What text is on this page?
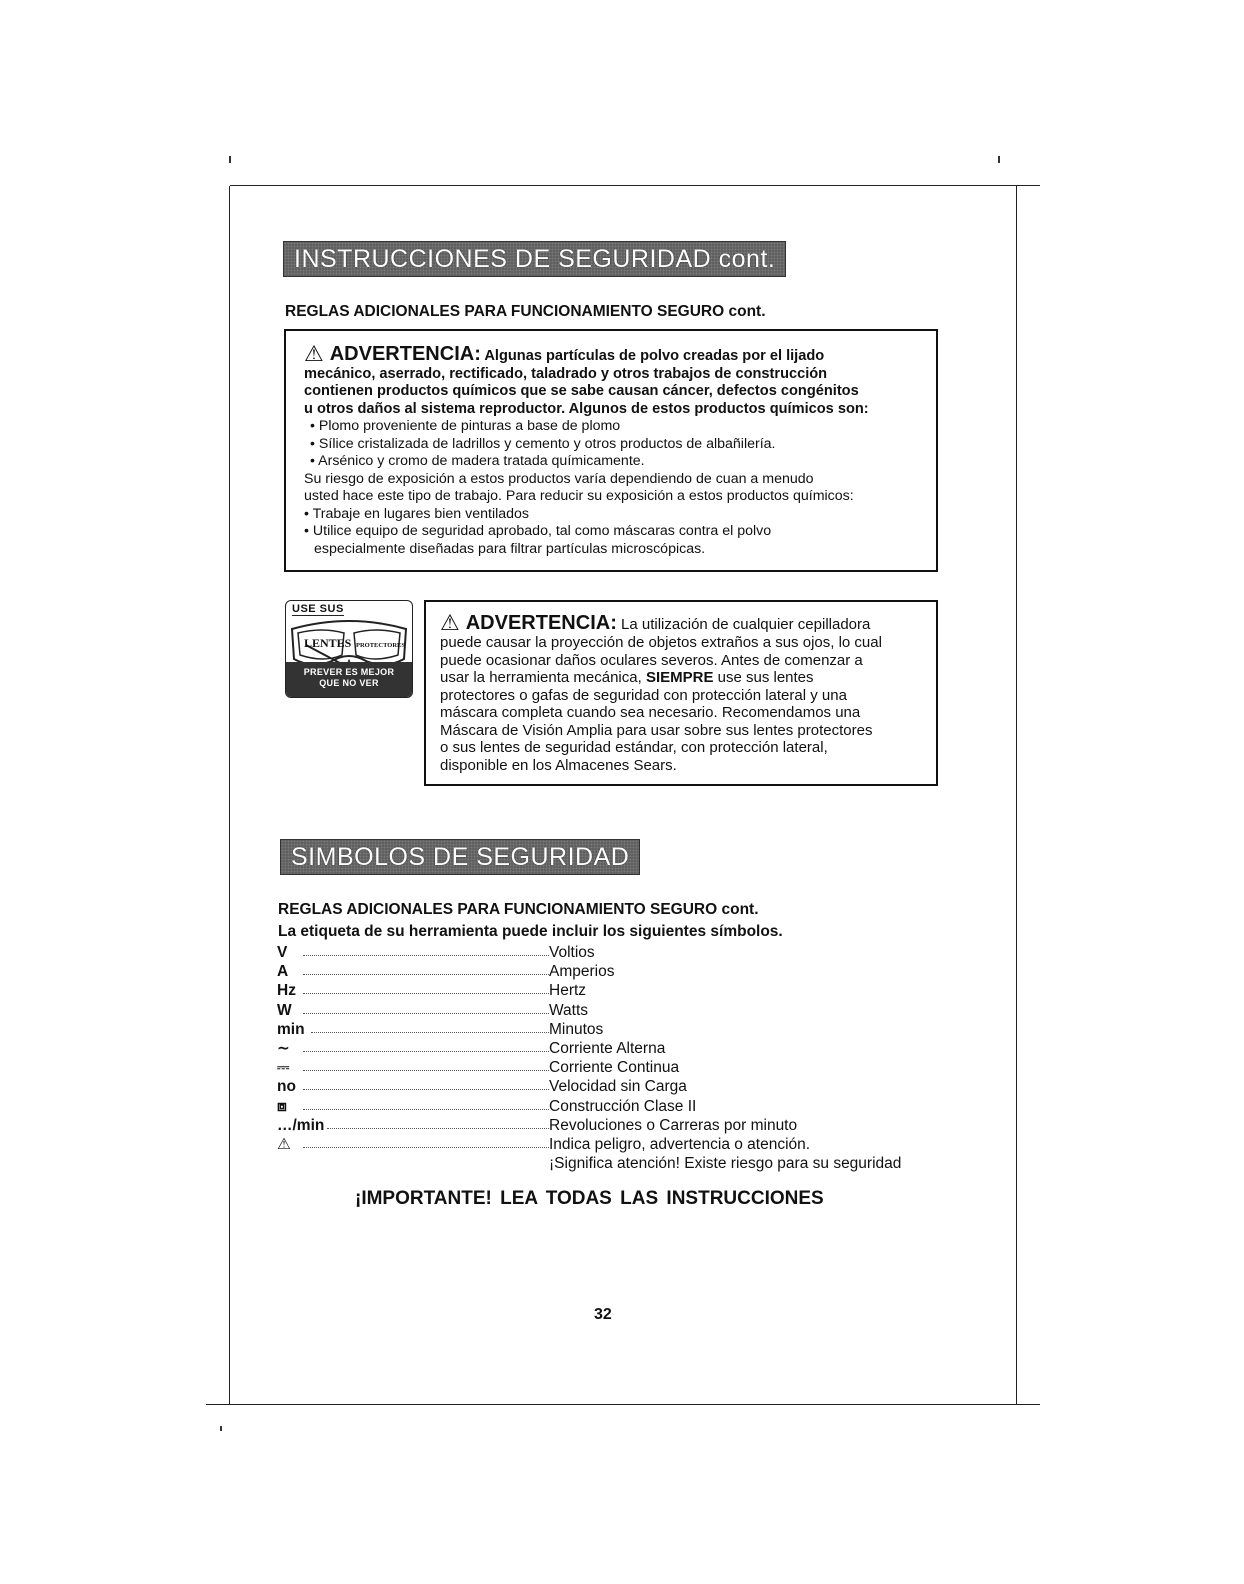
INSTRUCCIONES DE SEGURIDAD cont.
REGLAS ADICIONALES PARA FUNCIONAMIENTO SEGURO cont.
⚠ ADVERTENCIA: Algunas partículas de polvo creadas por el lijado
mecánico, aserrado, rectificado, taladrado y otros trabajos de construcción
contienen productos químicos que se sabe causan cáncer, defectos congénitos
u otros daños al sistema reproductor. Algunos de estos productos químicos son:
• Plomo proveniente de pinturas a base de plomo
• Sílice cristalizada de ladrillos y cemento y otros productos de albañilería.
• Arsénico y cromo de madera tratada químicamente.
Su riesgo de exposición a estos productos varía dependiendo de cuan a menudo
usted hace este tipo de trabajo. Para reducir su exposición a estos productos químicos:
• Trabaje en lugares bien ventilados
• Utilice equipo de seguridad aprobado, tal como máscaras contra el polvo
especialmente diseñadas para filtrar partículas microscópicas.
USE SUS
LENTES PROTECTORES
PREVER ES MEJOR
QUE NO VER
⚠ ADVERTENCIA: La utilización de cualquier cepilladora
puede causar la proyección de objetos extraños a sus ojos, lo cual
puede ocasionar daños oculares severos. Antes de comenzar a
usar la herramienta mecánica, SIEMPRE use sus lentes
protectores o gafas de seguridad con protección lateral y una
máscara completa cuando sea necesario. Recomendamos una
Máscara de Visión Amplia para usar sobre sus lentes protectores
o sus lentes de seguridad estándar, con protección lateral,
disponible en los Almacenes Sears.
SIMBOLOS DE SEGURIDAD
REGLAS ADICIONALES PARA FUNCIONAMIENTO SEGURO cont.
La etiqueta de su herramienta puede incluir los siguientes símbolos.
V	Voltios
A	Amperios
Hz	Hertz
W	Watts
min	Minutos
∼	Corriente Alterna
⎓	Corriente Continua
no	Velocidad sin Carga
⧈	Construcción Clase II
…/min	Revoluciones o Carreras por minuto
⚠	Indica peligro, advertencia o atención.
¡Significa atención! Existe riesgo para su seguridad
¡IMPORTANTE! LEA TODAS LAS INSTRUCCIONES
32
